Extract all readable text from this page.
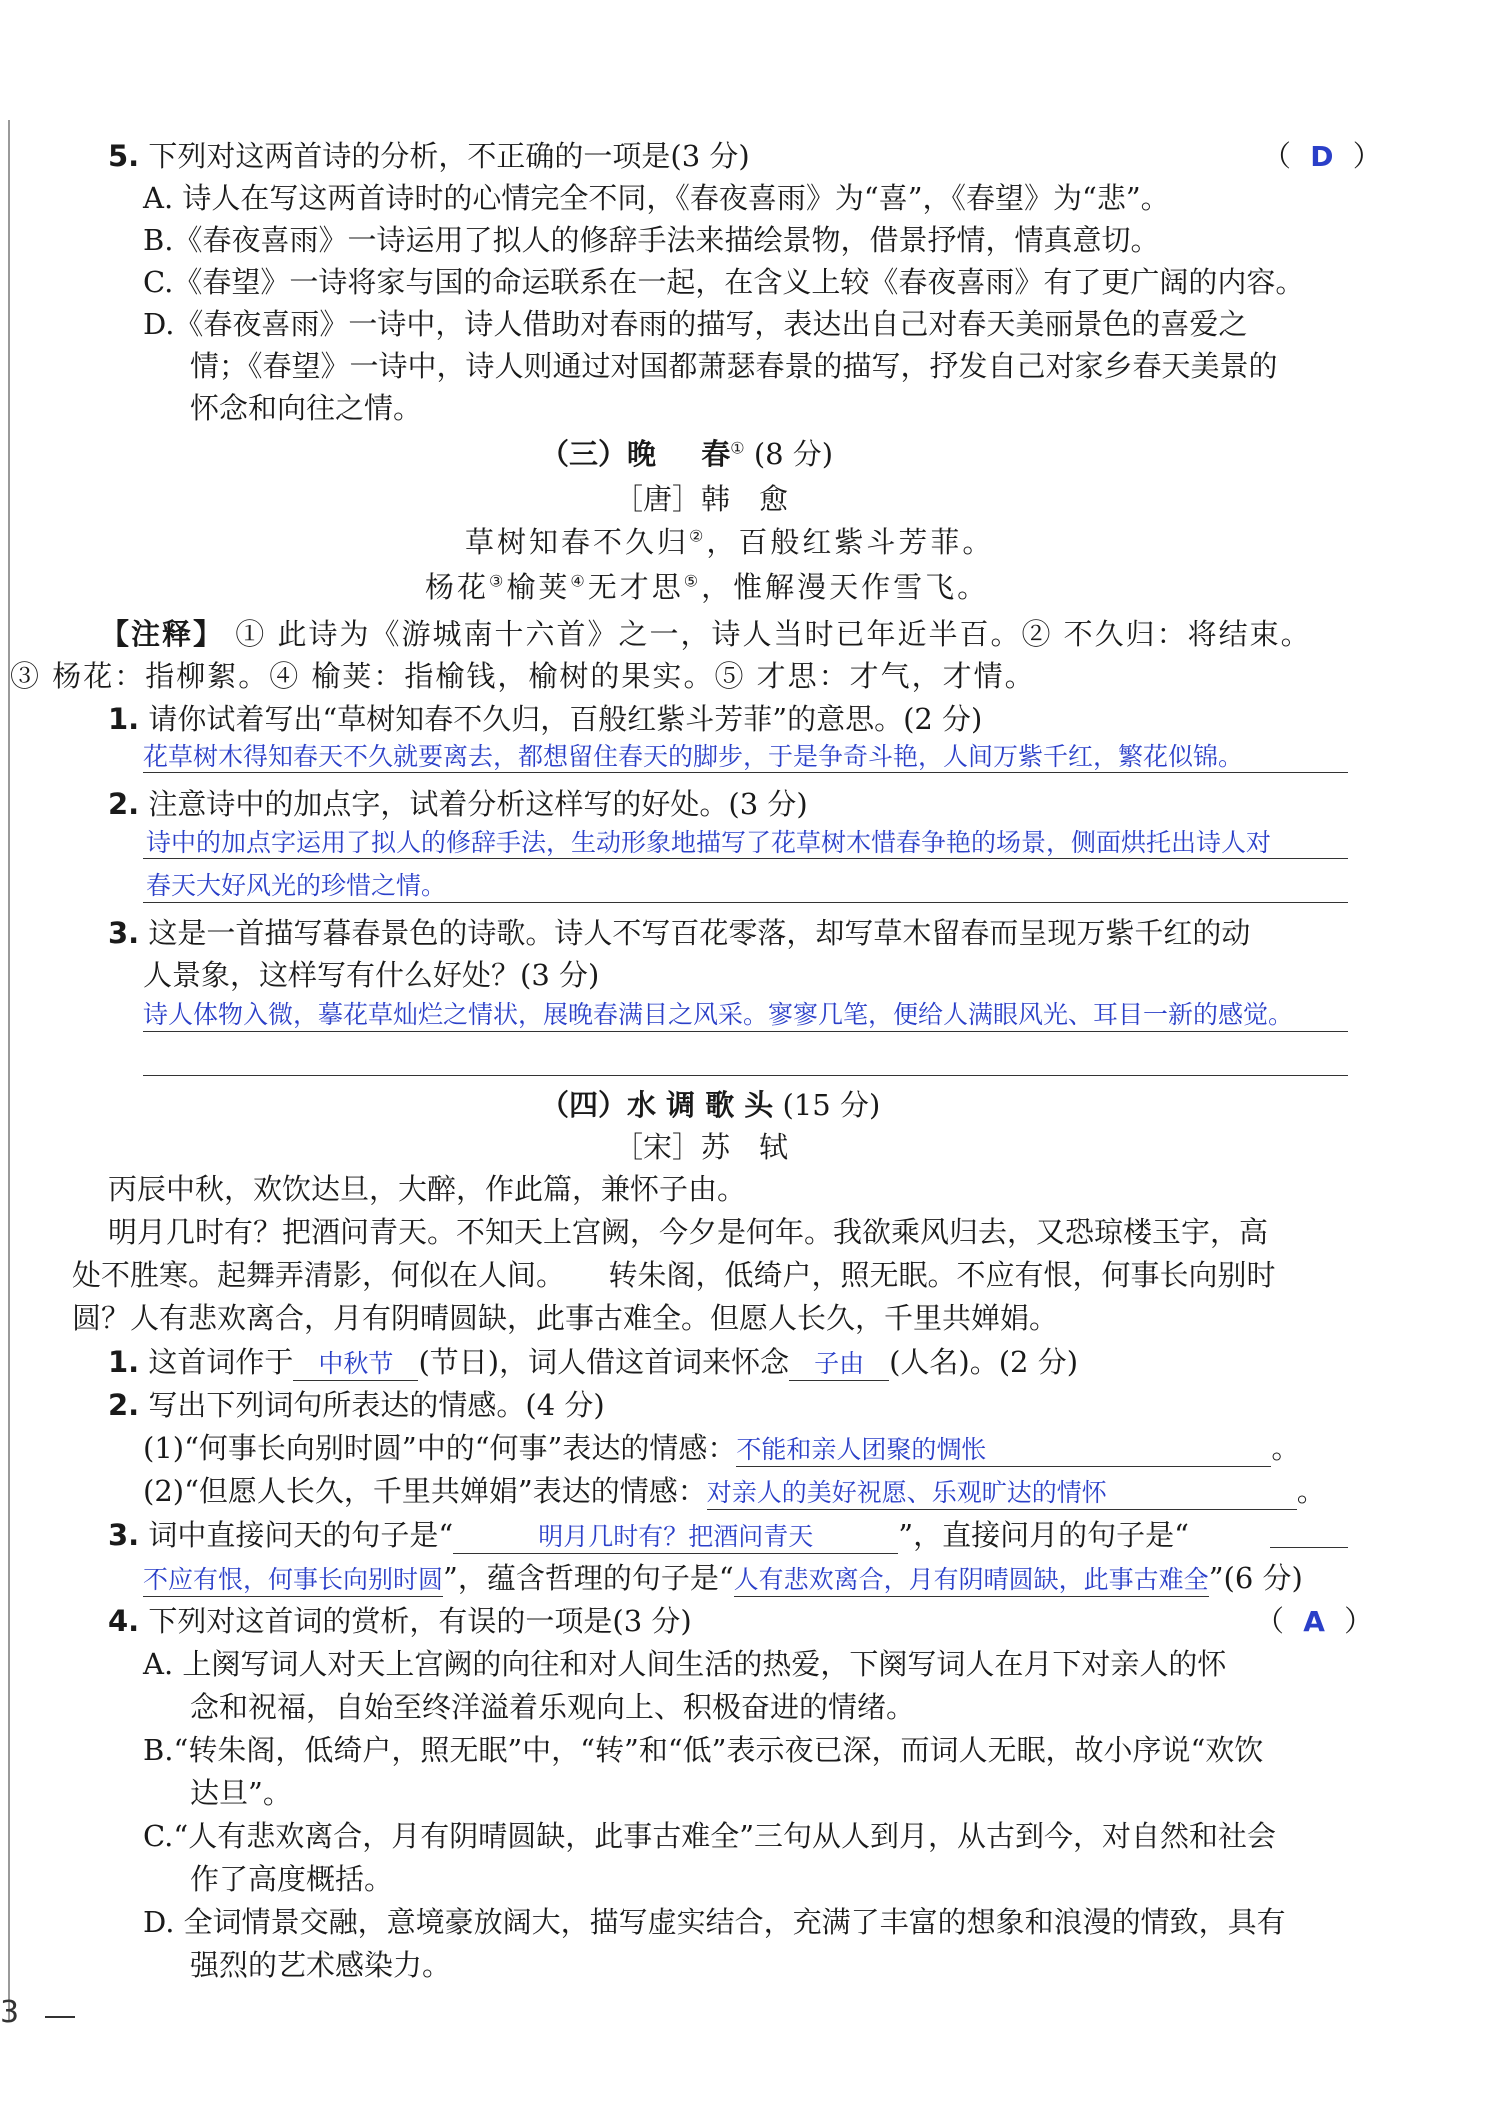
5. 下列对这两首诗的分析，不正确的一项是(3 分)	（ D ）
A. 诗人在写这两首诗时的心情完全不同，《春夜喜雨》为“喜”，《春望》为“悲”。
B.《春夜喜雨》一诗运用了拟人的修辞手法来描绘景物，借景抒情，情真意切。
C.《春望》一诗将家与国的命运联系在一起，在含义上较《春夜喜雨》有了更广阔的内容。
D.《春夜喜雨》一诗中，诗人借助对春雨的描写，表达出自己对春天美丽景色的喜爱之
情；《春望》一诗中，诗人则通过对国都萧瑟春景的描写，抒发自己对家乡春天美景的
怀念和向往之情。
（三）晚 春① (8 分)
［唐］韩　愈
草树知春不久归②，百般红紫斗芳菲。
杨花③榆荚④无才思⑤，惟解漫天作雪飞。
【注释】 ① 此诗为《游城南十六首》之一，诗人当时已年近半百。② 不久归：将结束。
③ 杨花：指柳絮。④ 榆荚：指榆钱，榆树的果实。⑤ 才思：才气，才情。
1. 请你试着写出“草树知春不久归，百般红紫斗芳菲”的意思。(2 分)
花草树木得知春天不久就要离去，都想留住春天的脚步，于是争奇斗艳，人间万紫千红，繁花似锦。
2. 注意诗中的加点字，试着分析这样写的好处。(3 分)
诗中的加点字运用了拟人的修辞手法，生动形象地描写了花草树木惜春争艳的场景，侧面烘托出诗人对
春天大好风光的珍惜之情。
3. 这是一首描写暮春景色的诗歌。诗人不写百花零落，却写草木留春而呈现万紫千红的动
人景象，这样写有什么好处？(3 分)
诗人体物入微，摹花草灿烂之情状，展晚春满目之风采。寥寥几笔，便给人满眼风光、耳目一新的感觉。
（四）水 调 歌 头 (15 分)
［宋］苏　轼
丙辰中秋，欢饮达旦，大醉，作此篇，兼怀子由。
明月几时有？把酒问青天。不知天上宫阙，今夕是何年。我欲乘风归去，又恐琼楼玉宇，高
处不胜寒。起舞弄清影，何似在人间。　　转朱阁，低绮户，照无眠。不应有恨，何事长向别时
圆？人有悲欢离合，月有阴晴圆缺，此事古难全。但愿人长久，千里共婵娟。
1. 这首词作于 中秋节 (节日)，词人借这首词来怀念 子由 (人名)。(2 分)
2. 写出下列词句所表达的情感。(4 分)
(1)“何事长向别时圆”中的“何事”表达的情感：不能和亲人团聚的惆怅	。
(2)“但愿人长久，千里共婵娟”表达的情感：对亲人的美好祝愿、乐观旷达的情怀	。
3. 词中直接问天的句子是“	明月几时有？把酒问青天	”，直接问月的句子是“
不应有恨，何事长向别时圆”，蕴含哲理的句子是“人有悲欢离合，月有阴晴圆缺，此事古难全”(6 分)
4. 下列对这首词的赏析，有误的一项是(3 分)	（ A ）
A. 上阕写词人对天上宫阙的向往和对人间生活的热爱，下阕写词人在月下对亲人的怀
念和祝福，自始至终洋溢着乐观向上、积极奋进的情绪。
B.“转朱阁，低绮户，照无眠”中，“转”和“低”表示夜已深，而词人无眠，故小序说“欢饮
达旦”。
C.“人有悲欢离合，月有阴晴圆缺，此事古难全”三句从人到月，从古到今，对自然和社会
作了高度概括。
D. 全词情景交融，意境豪放阔大，描写虚实结合，充满了丰富的想象和浪漫的情致，具有
强烈的艺术感染力。
3
